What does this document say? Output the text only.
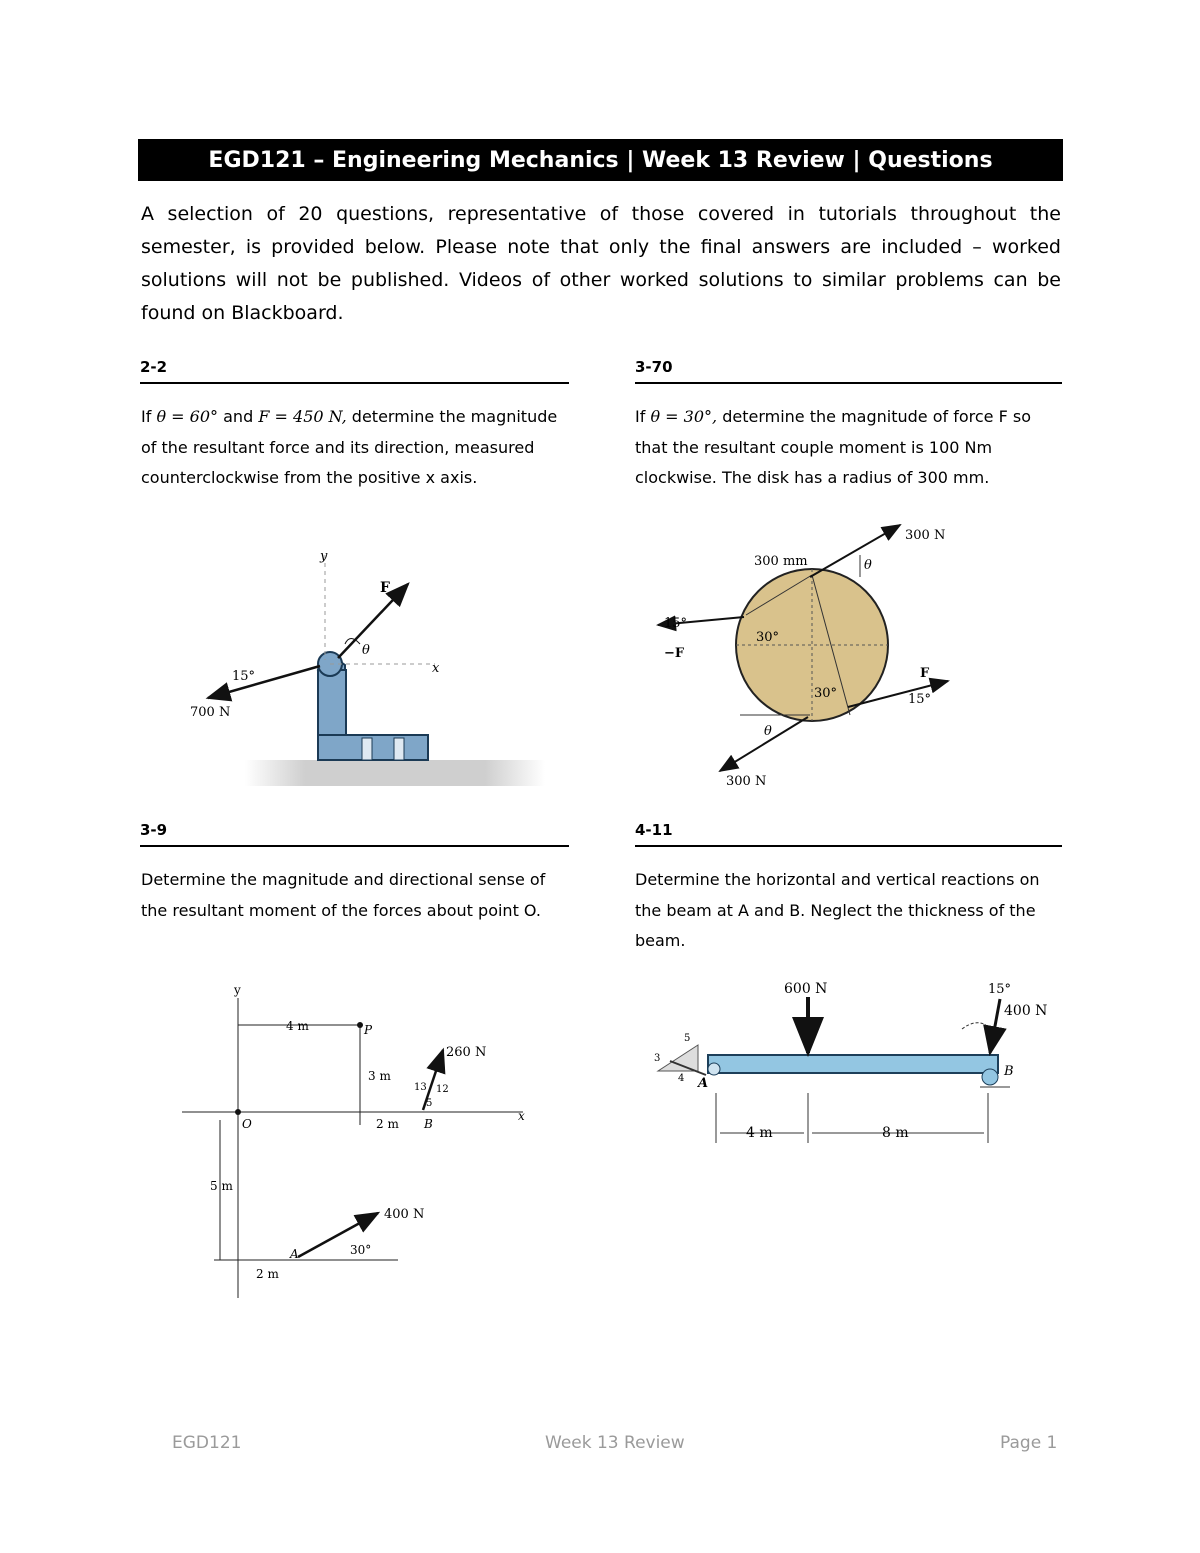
EGD121 – Engineering Mechanics | Week 13 Review | Questions
A selection of 20 questions, representative of those covered in tutorials throughout the semester, is provided below. Please note that only the final answers are included – worked solutions will not be published. Videos of other worked solutions to similar problems can be found on Blackboard.
2-2
If θ = 60° and F = 450 N, determine the magnitude of the resultant force and its direction, measured counterclockwise from the positive x axis.
y
x
F
θ
15°
700 N
3-70
If θ = 30°, determine the magnitude of force F so that the resultant couple moment is 100 Nm clockwise. The disk has a radius of 300 mm.
300 mm
300 N
300 N
−F
F
15°
15°
30°
30°
θ
θ
3-9
Determine the magnitude and directional sense of the resultant moment of the forces about point O.
y
x
O
P
A
B
4 m
3 m
2 m
5 m
2 m
260 N
400 N
13 12
5
30°
4-11
Determine the horizontal and vertical reactions on the beam at A and B. Neglect the thickness of the beam.
600 N
400 N
15°
A
B
4 m	8 m
3
4
5
EGD121	Week 13 Review	Page 1
